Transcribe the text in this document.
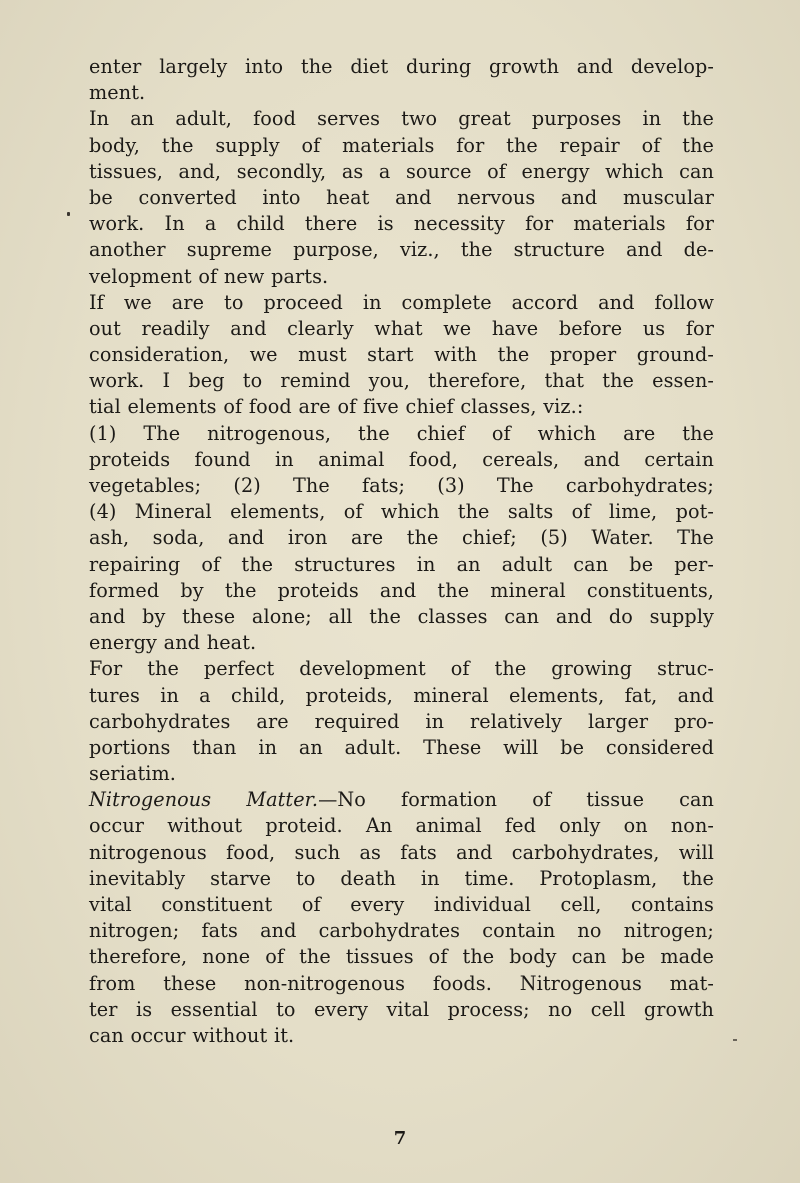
enter largely into the diet during growth and develop-
ment.
In an adult, food serves two great purposes in the
body, the supply of materials for the repair of the
tissues, and, secondly, as a source of energy which can
be converted into heat and nervous and muscular
work. In a child there is necessity for materials for
another supreme purpose, viz., the structure and de-
velopment of new parts.
If we are to proceed in complete accord and follow
out readily and clearly what we have before us for
consideration, we must start with the proper ground-
work. I beg to remind you, therefore, that the essen-
tial elements of food are of five chief classes, viz.:
(1) The nitrogenous, the chief of which are the
proteids found in animal food, cereals, and certain
vegetables; (2) The fats; (3) The carbohydrates;
(4) Mineral elements, of which the salts of lime, pot-
ash, soda, and iron are the chief; (5) Water. The
repairing of the structures in an adult can be per-
formed by the proteids and the mineral constituents,
and by these alone; all the classes can and do supply
energy and heat.
For the perfect development of the growing struc-
tures in a child, proteids, mineral elements, fat, and
carbohydrates are required in relatively larger pro-
portions than in an adult. These will be considered
seriatim.
Nitrogenous Matter.—No formation of tissue can
occur without proteid. An animal fed only on non-
nitrogenous food, such as fats and carbohydrates, will
inevitably starve to death in time. Protoplasm, the
vital constituent of every individual cell, contains
nitrogen; fats and carbohydrates contain no nitrogen;
therefore, none of the tissues of the body can be made
from these non-nitrogenous foods. Nitrogenous mat-
ter is essential to every vital process; no cell growth
can occur without it.
7
